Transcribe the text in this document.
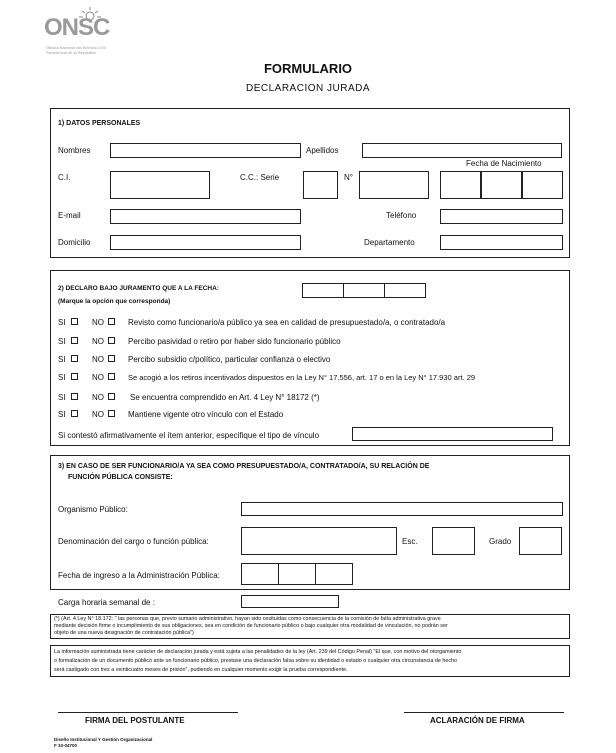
ONSC
Oficina Nacional del Servicio Civil
Presidencia de la República
FORMULARIO
DECLARACION JURADA
1) DATOS PERSONALES
Nombres	Apellidos
Fecha de Nacimiento
C.I.	C.C.: Serie	N°
E-mail	Teléfono
Domicilio	Departamento
2) DECLARO BAJO JURAMENTO QUE A LA FECHA:
(Marque la opción que corresponda)
SI	NO	Revisto como funcionario/a público ya sea en calidad de presupuestado/a, o contratado/a
SI	NO	Percibo pasividad o retiro por haber sido funcionario público
SI	NO	Percibo subsidio c/político, particular confianza o electivo
SI	NO	Se acogió a los retiros incentivados dispuestos en la Ley N° 17.556, art. 17 o en la Ley N° 17.930 art. 29
SI	NO	Se encuentra comprendido en Art. 4 Ley N° 18172 (*)
SI	NO	Mantiene vigente otro vínculo con el Estado
Si contestó afirmativamente el ítem anterior, especifique el tipo de vínculo
3) EN CASO DE SER FUNCIONARIO/A YA SEA COMO PRESUPUESTADO/A, CONTRATADO/A, SU RELACIÓN DE
FUNCIÓN PÚBLICA CONSISTE:
Organismo Público:
Denominación del cargo o función pública:	Esc.	Grado
Fecha de ingreso a la Administración Pública:
Carga horaria semanal de :
(*) (Art. 4 Ley N° 18.172: " las personas que, previo sumario administrativo, hayan sido cesituidas como consecuencia de la comisión de falta administrativa grave
mediante decisión firme o incumplimiento de sus obligaciones, sea en condición de funcionario público o bajo cualquier otra modalidad de vinculación, no podrán ser
objeto de una nueva designación de contratación pública")
La información suministrada tiene carácter de declaración jurada y está sujeta a las penalidades de la ley (Art. 239 del Código Penal) "El que, con motivo del otorgamiento
o formalización de un documento público ante un funcionario público, prestase una declaración falsa sobre su identidad o estado o cualquier otra circunstancia de hecho
será castigado con tres a veinticuatro meses de prisión", pudiendo en cualquier momento exigir la prueba correspondiente.
FIRMA DEL POSTULANTE	ACLARACIÓN DE FIRMA
Diseño Institucional Y Gestión Organizacional
F 10-04700
